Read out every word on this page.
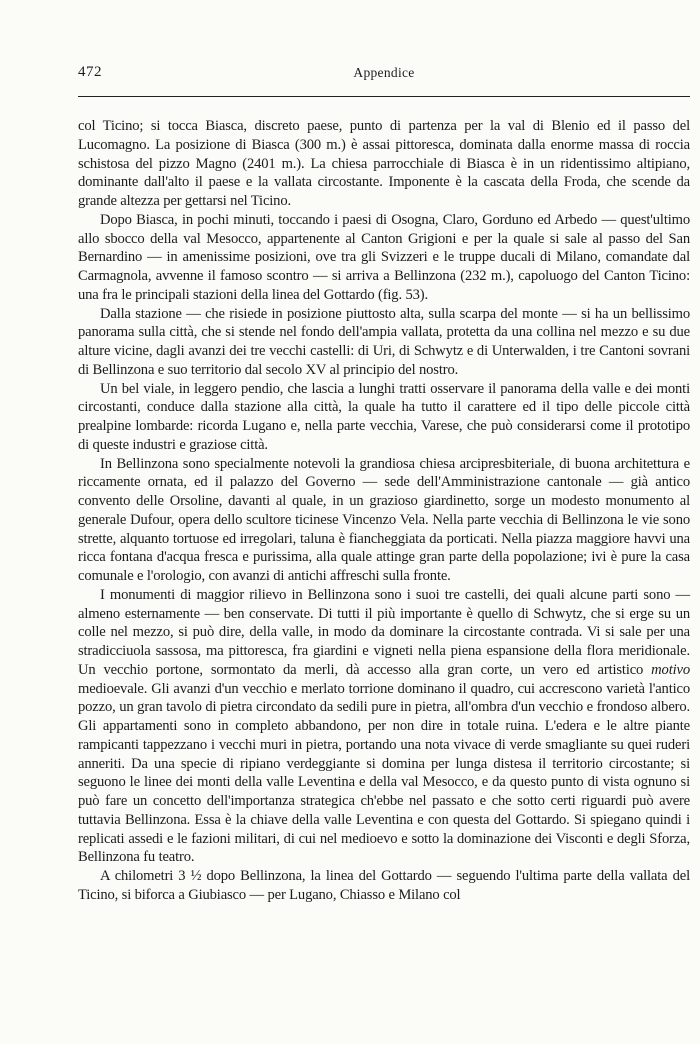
472	Appendice

col Ticino; si tocca Biasca, discreto paese, punto di partenza per la val di Blenio ed il passo del Lucomagno. La posizione di Biasca (300 m.) è assai pittoresca, dominata dalla enorme massa di roccia schistosa del pizzo Magno (2401 m.). La chiesa parrocchiale di Biasca è in un ridentissimo altipiano, dominante dall'alto il paese e la vallata circostante. Imponente è la cascata della Froda, che scende da grande altezza per gettarsi nel Ticino.

Dopo Biasca, in pochi minuti, toccando i paesi di Osogna, Claro, Gorduno ed Arbedo — quest'ultimo allo sbocco della val Mesocco, appartenente al Canton Grigioni e per la quale si sale al passo del San Bernardino — in amenissime posizioni, ove tra gli Svizzeri e le truppe ducali di Milano, comandate dal Carmagnola, avvenne il famoso scontro — si arriva a Bellinzona (232 m.), capoluogo del Canton Ticino: una fra le principali stazioni della linea del Gottardo (fig. 53).

Dalla stazione — che risiede in posizione piuttosto alta, sulla scarpa del monte — si ha un bellissimo panorama sulla città, che si stende nel fondo dell'ampia vallata, protetta da una collina nel mezzo e su due alture vicine, dagli avanzi dei tre vecchi castelli: di Uri, di Schwytz e di Unterwalden, i tre Cantoni sovrani di Bellinzona e suo territorio dal secolo XV al principio del nostro.

Un bel viale, in leggero pendio, che lascia a lunghi tratti osservare il panorama della valle e dei monti circostanti, conduce dalla stazione alla città, la quale ha tutto il carattere ed il tipo delle piccole città prealpine lombarde: ricorda Lugano e, nella parte vecchia, Varese, che può considerarsi come il prototipo di queste industri e graziose città.

In Bellinzona sono specialmente notevoli la grandiosa chiesa arcipresbiteriale, di buona architettura e riccamente ornata, ed il palazzo del Governo — sede dell'Amministrazione cantonale — già antico convento delle Orsoline, davanti al quale, in un grazioso giardinetto, sorge un modesto monumento al generale Dufour, opera dello scultore ticinese Vincenzo Vela. Nella parte vecchia di Bellinzona le vie sono strette, alquanto tortuose ed irregolari, taluna è fiancheggiata da porticati. Nella piazza maggiore havvi una ricca fontana d'acqua fresca e purissima, alla quale attinge gran parte della popolazione; ivi è pure la casa comunale e l'orologio, con avanzi di antichi affreschi sulla fronte.

I monumenti di maggior rilievo in Bellinzona sono i suoi tre castelli, dei quali alcune parti sono — almeno esternamente — ben conservate. Di tutti il più importante è quello di Schwytz, che si erge su un colle nel mezzo, si può dire, della valle, in modo da dominare la circostante contrada. Vi si sale per una stradicciuola sassosa, ma pittoresca, fra giardini e vigneti nella piena espansione della flora meridionale. Un vecchio portone, sormontato da merli, dà accesso alla gran corte, un vero ed artistico motivo medioevale. Gli avanzi d'un vecchio e merlato torrione dominano il quadro, cui accrescono varietà l'antico pozzo, un gran tavolo di pietra circondato da sedili pure in pietra, all'ombra d'un vecchio e frondoso albero. Gli appartamenti sono in completo abbandono, per non dire in totale ruina. L'edera e le altre piante rampicanti tappezzano i vecchi muri in pietra, portando una nota vivace di verde smagliante su quei ruderi anneriti. Da una specie di ripiano verdeggiante si domina per lunga distesa il territorio circostante; si seguono le linee dei monti della valle Leventina e della val Mesocco, e da questo punto di vista ognuno si può fare un concetto dell'importanza strategica ch'ebbe nel passato e che sotto certi riguardi può avere tuttavia Bellinzona. Essa è la chiave della valle Leventina e con questa del Gottardo. Si spiegano quindi i replicati assedi e le fazioni militari, di cui nel medioevo e sotto la dominazione dei Visconti e degli Sforza, Bellinzona fu teatro.

A chilometri 3 ½ dopo Bellinzona, la linea del Gottardo — seguendo l'ultima parte della vallata del Ticino, si biforca a Giubiasco — per Lugano, Chiasso e Milano col
